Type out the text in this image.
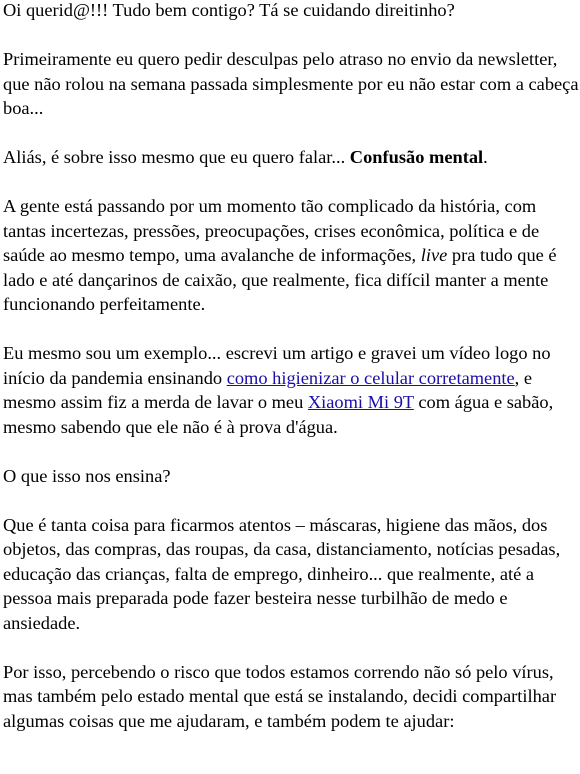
Oi querid@!!! Tudo bem contigo? Tá se cuidando direitinho?

Primeiramente eu quero pedir desculpas pelo atraso no envio da newsletter, que não rolou na semana passada simplesmente por eu não estar com a cabeça boa...

Aliás, é sobre isso mesmo que eu quero falar... Confusão mental.

A gente está passando por um momento tão complicado da história, com tantas incertezas, pressões, preocupações, crises econômica, política e de saúde ao mesmo tempo, uma avalanche de informações, live pra tudo que é lado e até dançarinos de caixão, que realmente, fica difícil manter a mente funcionando perfeitamente.

Eu mesmo sou um exemplo... escrevi um artigo e gravei um vídeo logo no início da pandemia ensinando como higienizar o celular corretamente, e mesmo assim fiz a merda de lavar o meu Xiaomi Mi 9T com água e sabão, mesmo sabendo que ele não é à prova d'água.

O que isso nos ensina?

Que é tanta coisa para ficarmos atentos – máscaras, higiene das mãos, dos objetos, das compras, das roupas, da casa, distanciamento, notícias pesadas, educação das crianças, falta de emprego, dinheiro... que realmente, até a pessoa mais preparada pode fazer besteira nesse turbilhão de medo e ansiedade.

Por isso, percebendo o risco que todos estamos correndo não só pelo vírus, mas também pelo estado mental que está se instalando, decidi compartilhar algumas coisas que me ajudaram, e também podem te ajudar:
